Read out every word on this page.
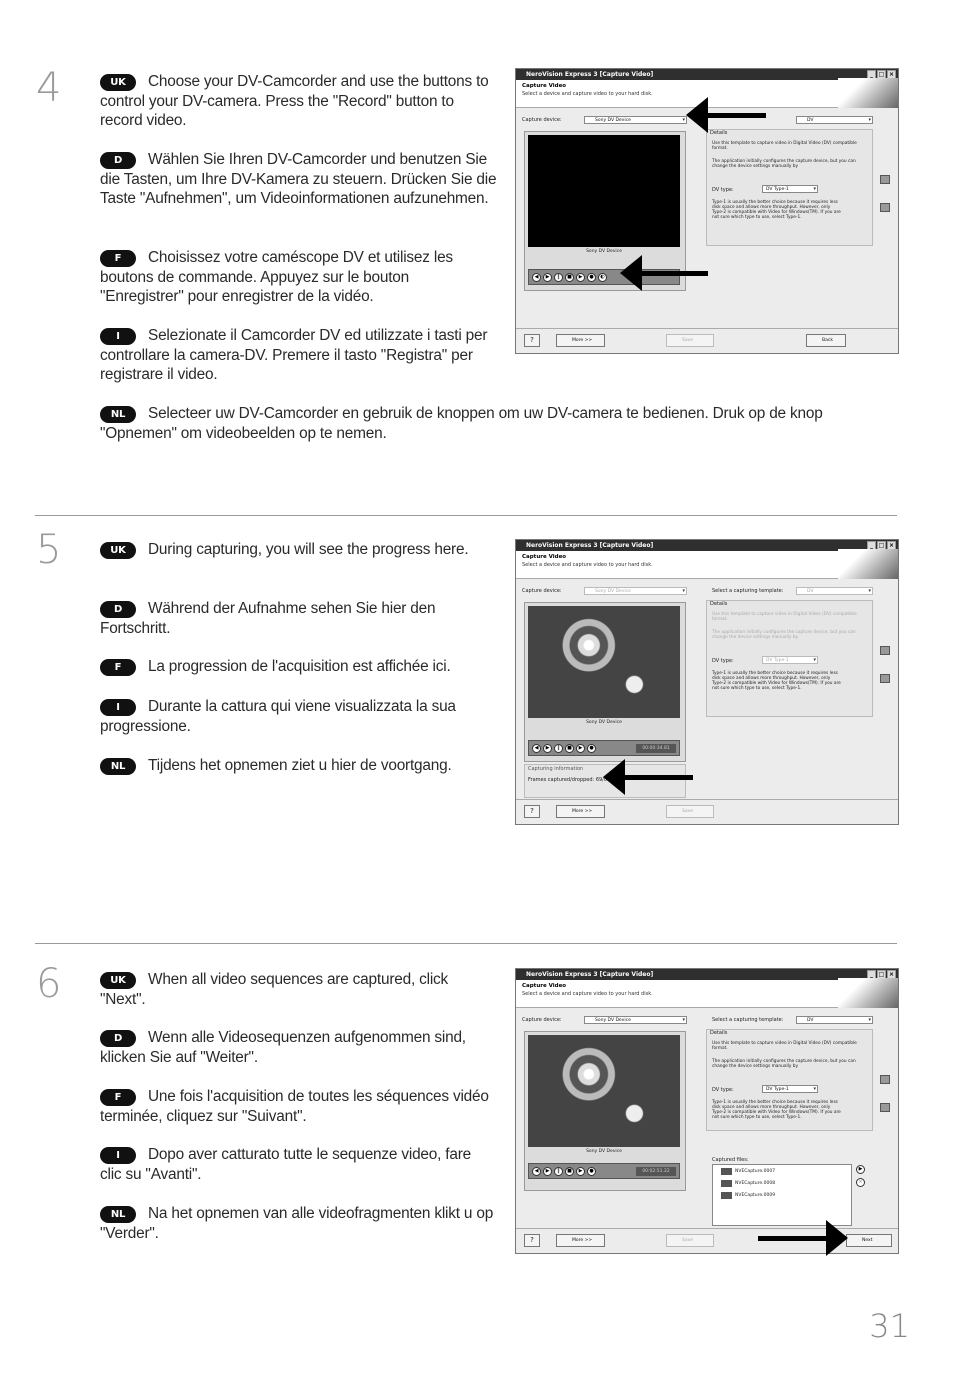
4	UK Choose your DV-Camcorder and use the buttons to control your DV-camera. Press the "Record" button to record video.
D Wählen Sie Ihren DV-Camcorder und benutzen Sie die Tasten, um Ihre DV-Kamera zu steuern. Drücken Sie die Taste "Aufnehmen", um Videoinformationen aufzunehmen.
F Choisissez votre caméscope DV et utilisez les boutons de commande. Appuyez sur le bouton "Enregistrer" pour enregistrer de la vidéo.
I Selezionate il Camcorder DV ed utilizzate i tasti per controllare la camera-DV. Premere il tasto "Registra" per registrare il video.
NL Selecteer uw DV-Camcorder en gebruik de knoppen om uw DV-camera te bedienen. Druk op de knop "Opnemen" om videobeelden op te nemen.
NeroVision Express 3 [Capture Video]	_ □ ×
Capture Video
Select a device and capture video to your hard disk.
Capture device:	Sony DV Device ▾	DV ▾
Sony DV Device
◀	▶	‖	■	▶	●	◐
Details
Use this template to capture video in Digital Video (DV) compatible format.
The application initially configures the capture device, but you can change the device settings manually by
DV type:	DV Type-1 ▾
Type-1 is usually the better choice because it requires less disk space and allows more throughput. However, only Type-2 is compatible with Video for Windows(TM). If you are not sure which type to use, select Type-1.
?	More >>	Save	Back
5	UK During capturing, you will see the progress here.
D Während der Aufnahme sehen Sie hier den Fortschritt.
F La progression de l'acquisition est affichée ici.
I Durante la cattura qui viene visualizzata la sua progressione.
NL Tijdens het opnemen ziet u hier de voortgang.
NeroVision Express 3 [Capture Video]	_ □ ×
Capture Video
Select a device and capture video to your hard disk.
Capture device:	Sony DV Device ▾	Select a capturing template:	DV ▾
Sony DV Device
◀	▶	‖	■	▶	●	00:00:34.81
Details
Use this template to capture video in Digital Video (DV) compatible format.
The application initially configures the capture device, but you can change the device settings manually by
DV type:	DV Type-1 ▾
Type-1 is usually the better choice because it requires less disk space and allows more throughput. However, only Type-2 is compatible with Video for Windows(TM). If you are not sure which type to use, select Type-1.
Capturing information
Frames captured/dropped: 69/0
?	More >>	Save
6	UK When all video sequences are captured, click "Next".
D Wenn alle Videosequenzen aufgenommen sind, klicken Sie auf "Weiter".
F Une fois l'acquisition de toutes les séquences vidéo terminée, cliquez sur "Suivant".
I Dopo aver catturato tutte le sequenze video, fare clic su "Avanti".
NL Na het opnemen van alle videofragmenten klikt u op "Verder".
NeroVision Express 3 [Capture Video]	_ □ ×
Capture Video
Select a device and capture video to your hard disk.
Capture device:	Sony DV Device ▾	Select a capturing template:	DV ▾
Sony DV Device
◀	▶	‖	■	▶	●	00:02:51.22
Details
Use this template to capture video in Digital Video (DV) compatible format.
The application initially configures the capture device, but you can change the device settings manually by
DV type:	DV Type-1 ▾
Type-1 is usually the better choice because it requires less disk space and allows more throughput. However, only Type-2 is compatible with Video for Windows(TM). If you are not sure which type to use, select Type-1.
Captured files:
NVECapture.0007
NVECapture.0008
NVECapture.0009
▶
×
?	More >>	Save	Next
31
